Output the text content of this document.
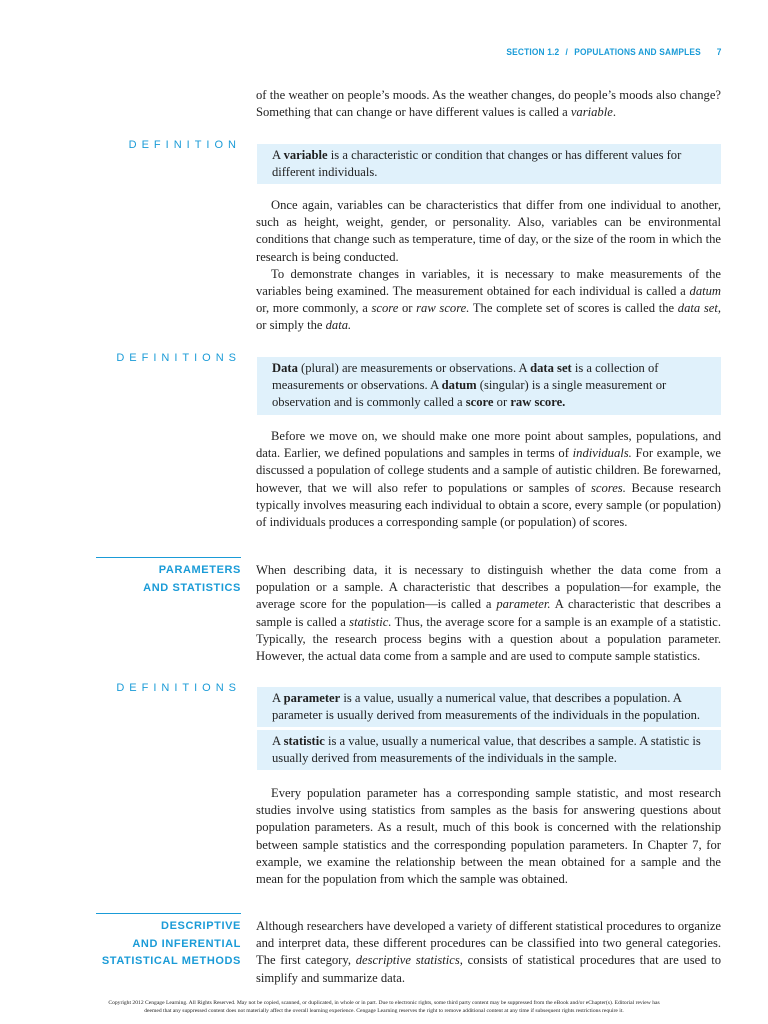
SECTION 1.2 / POPULATIONS AND SAMPLES 7

of the weather on people’s moods. As the weather changes, do people’s moods also change? Something that can change or have different values is called a variable.

DEFINITION
A variable is a characteristic or condition that changes or has different values for different individuals.

Once again, variables can be characteristics that differ from one individual to another, such as height, weight, gender, or personality. Also, variables can be environmental conditions that change such as temperature, time of day, or the size of the room in which the research is being conducted.

To demonstrate changes in variables, it is necessary to make measurements of the variables being examined. The measurement obtained for each individual is called a datum or, more commonly, a score or raw score. The complete set of scores is called the data set, or simply the data.

DEFINITIONS
Data (plural) are measurements or observations. A data set is a collection of measurements or observations. A datum (singular) is a single measurement or observation and is commonly called a score or raw score.

Before we move on, we should make one more point about samples, populations, and data. Earlier, we defined populations and samples in terms of individuals. For example, we discussed a population of college students and a sample of autistic children. Be forewarned, however, that we will also refer to populations or samples of scores. Because research typically involves measuring each individual to obtain a score, every sample (or population) of individuals produces a corresponding sample (or population) of scores.

PARAMETERS
AND STATISTICS

When describing data, it is necessary to distinguish whether the data come from a population or a sample. A characteristic that describes a population—for example, the average score for the population—is called a parameter. A characteristic that describes a sample is called a statistic. Thus, the average score for a sample is an example of a statistic. Typically, the research process begins with a question about a population parameter. However, the actual data come from a sample and are used to compute sample statistics.

DEFINITIONS
A parameter is a value, usually a numerical value, that describes a population. A parameter is usually derived from measurements of the individuals in the population.
A statistic is a value, usually a numerical value, that describes a sample. A statistic is usually derived from measurements of the individuals in the sample.

Every population parameter has a corresponding sample statistic, and most research studies involve using statistics from samples as the basis for answering questions about population parameters. As a result, much of this book is concerned with the relationship between sample statistics and the corresponding population parameters. In Chapter 7, for example, we examine the relationship between the mean obtained for a sample and the mean for the population from which the sample was obtained.

DESCRIPTIVE
AND INFERENTIAL
STATISTICAL METHODS

Although researchers have developed a variety of different statistical procedures to organize and interpret data, these different procedures can be classified into two general categories. The first category, descriptive statistics, consists of statistical procedures that are used to simplify and summarize data.

Copyright 2012 Cengage Learning. All Rights Reserved. May not be copied, scanned, or duplicated, in whole or in part. Due to electronic rights, some third party content may be suppressed from the eBook and/or eChapter(s). Editorial review has
deemed that any suppressed content does not materially affect the overall learning experience. Cengage Learning reserves the right to remove additional content at any time if subsequent rights restrictions require it.
